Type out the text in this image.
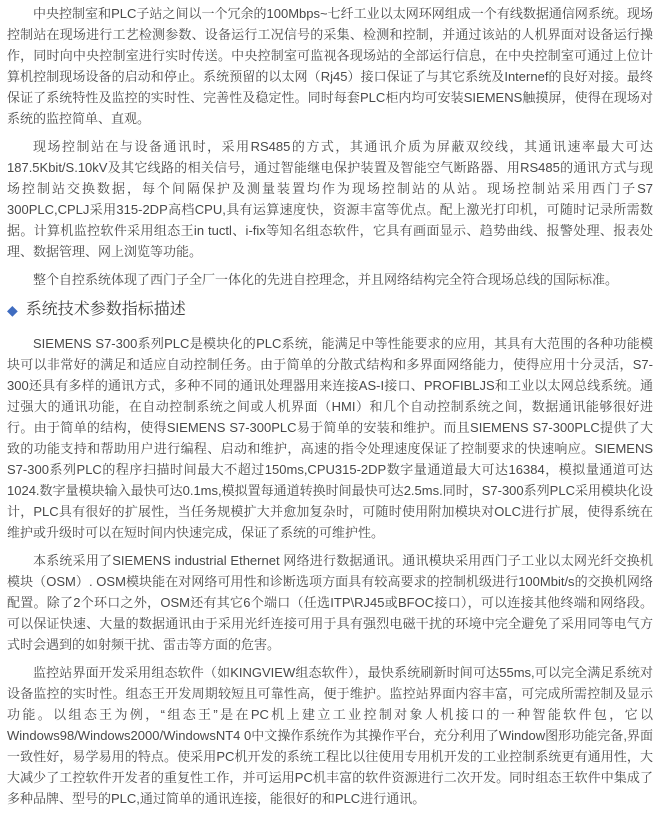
中央控制室和PLC子站之间以一个冗余的100Mbps~七纤工业以太网环网组成一个有线数据通信网系统。现场控制站在现场进行工艺检测参数、设备运行工况信号的采集、检测和控制，并通过该站的人机界面对设备运行操作，同时向中央控制室进行实时传送。中央控制室可监视各现场站的全部运行信息，在中央控制室可通过上位计算机控制现场设备的启动和停止。系统预留的以太网（Rj45）接口保证了与其它系统及Internef的良好对接。最终保证了系统特性及监控的实时性、完善性及稳定性。同时每套PLC柜内均可安装SIEMENS触摸屏，使得在现场对系统的监控简单、直观。

现场控制站在与设备通讯时，采用RS485的方式，其通讯介质为屏蔽双绞线，其通讯速率最大可达187.5Kbit/S.10kV及其它线路的相关信号，通过智能继电保护装置及智能空气断路器、用RS485的通讯方式与现场控制站交换数据，每个间隔保护及测量装置均作为现场控制站的从站。现场控制站采用西门子S7 300PLC,CPLJ采用315-2DP高档CPU,具有运算速度快，资源丰富等优点。配上激光打印机，可随时记录所需数据。计算机监控软件采用组态王in tuctl、i-fix等知名组态软件，它具有画面显示、趋势曲线、报警处理、报表处理、数据管理、网上浏览等功能。

整个自控系统体现了西门子全厂一体化的先进自控理念，并且网络结构完全符合现场总线的国际标准。

◆ 系统技术参数指标描述

SIEMENS S7-300系列PLC是模块化的PLC系统，能满足中等性能要求的应用，其具有大范围的各种功能模块可以非常好的满足和适应自动控制任务。由于简单的分散式结构和多界面网络能力，使得应用十分灵活，S7-300还具有多样的通讯方式，多种不同的通讯处理器用来连接AS-I接口、PROFIBLJS和工业以太网总线系统。通过强大的通讯功能，在自动控制系统之间或人机界面（HMI）和几个自动控制系统之间，数据通讯能够很好进行。由于简单的结构，使得SIEMENS S7-300PLC易于简单的安装和维护。而且SIEMENS S7-300PLC提供了大致的功能支持和帮助用户进行编程、启动和维护，高速的指令处理速度保证了控制要求的快速响应。SIEMENS S7-300系列PLC的程序扫描时间最大不超过150ms,CPU315-2DP数字量通道最大可达16384，模拟量通道可达1024.数字量模块输入最快可达0.1ms,模拟置每通道转换时间最快可达2.5ms.同时，S7-300系列PLC采用模块化设计，PLC具有很好的扩展性，当任务规模扩大并愈加复杂时，可随时使用附加模块对OLC进行扩展，使得系统在维护或升级时可以在短时间内快速完成，保证了系统的可维护性。

本系统采用了SIEMENS industrial Ethernet 网络进行数据通讯。通讯模块采用西门子工业以太网光纤交换机模块（OSM）. OSM模块能在对网络可用性和诊断选项方面具有较高要求的控制机级进行100Mbit/s的交换机网络配置。除了2个环口之外，OSM还有其它6个端口（任选ITP\RJ45或BFOC接口），可以连接其他终端和网络段。可以保证快速、大量的数据通讯由于采用光纤连接可用于具有强烈电磁干扰的环境中完全避免了采用同等电气方式时会遇到的如射频干扰、雷击等方面的危害。

监控站界面开发采用组态软件（如KINGVIEW组态软件），最快系统刷新时间可达55ms,可以完全满足系统对设备监控的实时性。组态王开发周期较短且可靠性高，便于维护。监控站界面内容丰富，可完成所需控制及显示功能。以组态王为例，“组态王”是在PC机上建立工业控制对象人机接口的一种智能软件包，它以Windows98/Windows2000/WindowsNT4 0中文操作系统作为其操作平台，充分利用了Window图形功能完备,界面一致性好，易学易用的特点。使采用PC机开发的系统工程比以往使用专用机开发的工业控制系统更有通用性，大大减少了工控软件开发者的重复性工作，并可运用PC机丰富的软件资源进行二次开发。同时组态王软件中集成了多种品牌、型号的PLC,通过简单的通讯连接，能很好的和PLC进行通讯。
